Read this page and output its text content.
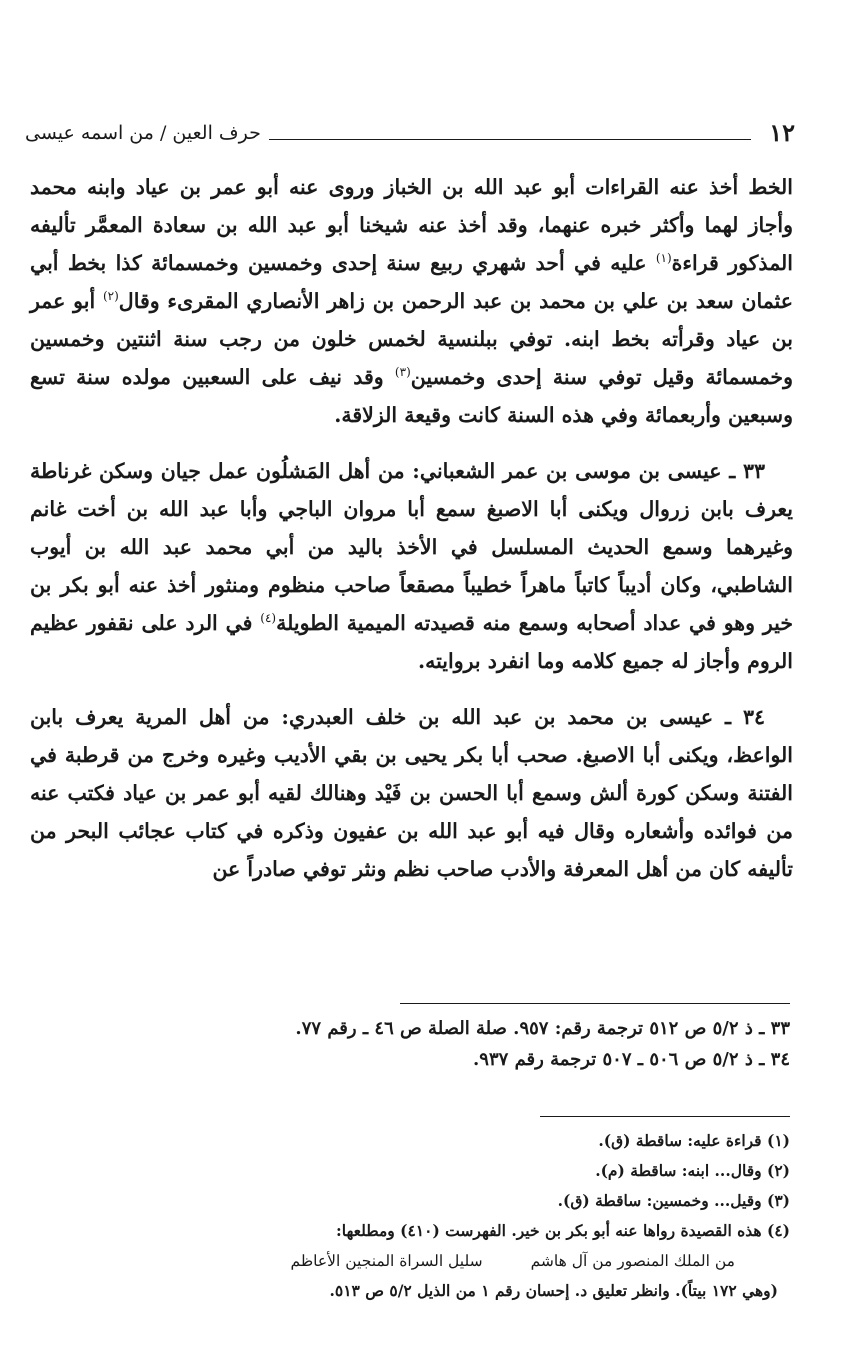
١٢
حرف العين / من اسمه عيسى

الخط أخذ عنه القراءات أبو عبد الله بن الخباز وروى عنه أبو عمر بن عياد وابنه محمد وأجاز لهما وأكثر خبره عنهما، وقد أخذ عنه شيخنا أبو عبد الله بن سعادة المعمَّر تأليفه المذكور قراءة$^{(١)}$ عليه في أحد شهري ربيع سنة إحدى وخمسين وخمسمائة كذا بخط أبي عثمان سعد بن علي بن محمد بن عبد الرحمن بن زاهر الأنصاري المقرىء وقال$^{(٢)}$ أبو عمر بن عياد وقرأته بخط ابنه. توفي ببلنسية لخمس خلون من رجب سنة اثنتين وخمسين وخمسمائة وقيل توفي سنة إحدى وخمسين$^{(٣)}$ وقد نيف على السعبين مولده سنة تسع وسبعين وأربعمائة وفي هذه السنة كانت وقيعة الزلاقة.

٣٣ ـ عيسى بن موسى بن عمر الشعباني: من أهل المَشلُون عمل جيان وسكن غرناطة يعرف بابن زروال ويكنى أبا الاصبغ سمع أبا مروان الباجي وأبا عبد الله بن أخت غانم وغيرهما وسمع الحديث المسلسل في الأخذ باليد من أبي محمد عبد الله بن أيوب الشاطبي، وكان أديباً كاتباً ماهراً خطيباً مصقعاً صاحب منظوم ومنثور أخذ عنه أبو بكر بن خير وهو في عداد أصحابه وسمع منه قصيدته الميمية الطويلة$^{(٤)}$ في الرد على نقفور عظيم الروم وأجاز له جميع كلامه وما انفرد بروايته.

٣٤ ـ عيسى بن محمد بن عبد الله بن خلف العبدري: من أهل المرية يعرف بابن الواعظ، ويكنى أبا الاصبغ. صحب أبا بكر يحيى بن بقي الأديب وغيره وخرج من قرطبة في الفتنة وسكن كورة ألش وسمع أبا الحسن بن فَيْد وهنالك لقيه أبو عمر بن عياد فكتب عنه من فوائده وأشعاره وقال فيه أبو عبد الله بن عفيون وذكره في كتاب عجائب البحر من تأليفه كان من أهل المعرفة والأدب صاحب نظم ونثر توفي صادراً عن

٣٣ ـ ذ ٥/٢ ص ٥١٢ ترجمة رقم: ٩٥٧. صلة الصلة ص ٤٦ ـ رقم ٧٧.
٣٤ ـ ذ ٥/٢ ص ٥٠٦ ـ ٥٠٧ ترجمة رقم ٩٣٧.
(١) قراءة عليه: ساقطة (ق).
(٢) وقال... ابنه: ساقطة (م).
(٣) وقيل... وخمسين: ساقطة (ق).
(٤) هذه القصيدة رواها عنه أبو بكر بن خير. الفهرست (٤١٠) ومطلعها:
من الملك المنصور من آل هاشم
سليل السراة المنجين الأعاظم
(وهي ١٧٢ بيتاً). وانظر تعليق د. إحسان رقم ١ من الذيل ٥/٢ ص ٥١٣.
